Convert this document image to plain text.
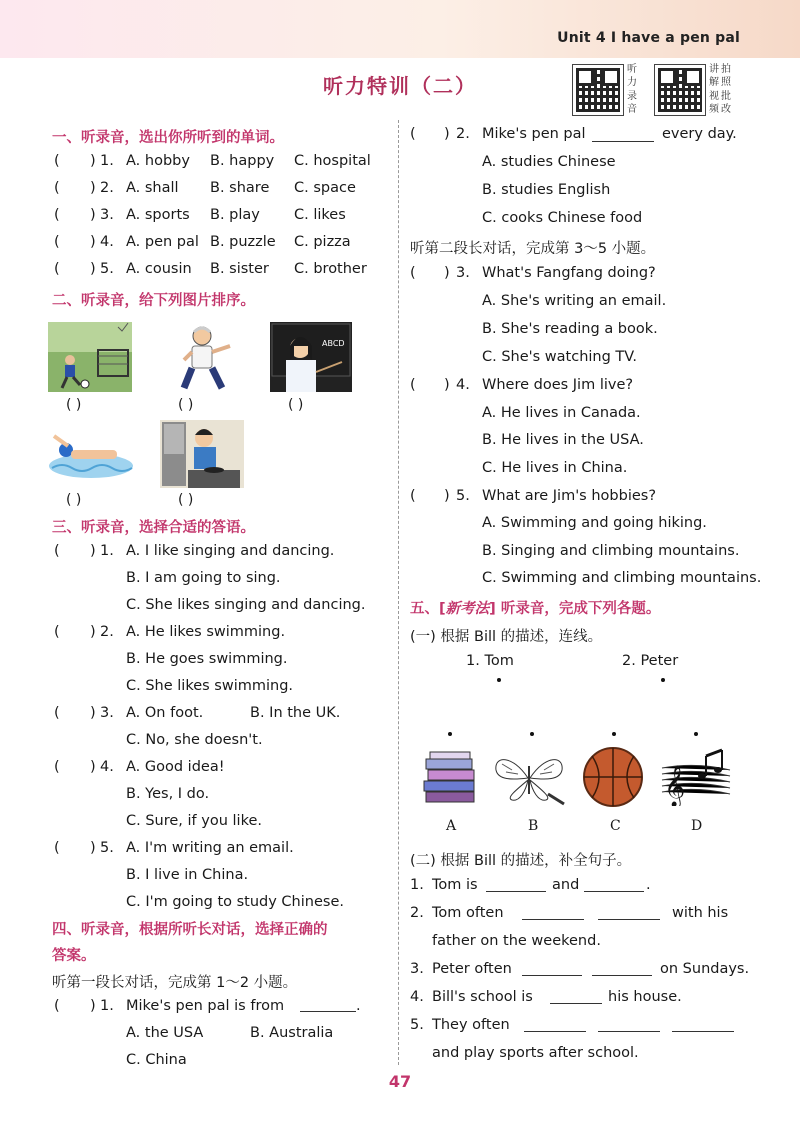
Unit 4 I have a pen pal
听力特训（二）
听
力
录
音
讲 拍
解 照
视 批
频 改
一、听录音，选出你所听到的单词。
( ) 1. A. hobby B. happy C. hospital
( ) 2. A. shall B. share C. space
( ) 3. A. sports B. play C. likes
( ) 4. A. pen pal B. puzzle C. pizza
( ) 5. A. cousin B. sister C. brother
二、听录音，给下列图片排序。
ABCD
( )	( )	( )
( )	( )
三、听录音，选择合适的答语。
( ) 1. A. I like singing and dancing.
B. I am going to sing.
C. She likes singing and dancing.
( ) 2. A. He likes swimming.
B. He goes swimming.
C. She likes swimming.
( ) 3. A. On foot.	B. In the UK.
C. No, she doesn't.
( ) 4. A. Good idea!
B. Yes, I do.
C. Sure, if you like.
( ) 5. A. I'm writing an email.
B. I live in China.
C. I'm going to study Chinese.
四、听录音，根据所听长对话，选择正确的
答案。
听第一段长对话，完成第 1～2 小题。
( ) 1. Mike's pen pal is from	.
A. the USA	B. Australia
C. China
( ) 2. Mike's pen pal	every day.
A. studies Chinese
B. studies English
C. cooks Chinese food
听第二段长对话，完成第 3～5 小题。
( ) 3. What's Fangfang doing?
A. She's writing an email.
B. She's reading a book.
C. She's watching TV.
( ) 4. Where does Jim live?
A. He lives in Canada.
B. He lives in the USA.
C. He lives in China.
( ) 5. What are Jim's hobbies?
A. Swimming and going hiking.
B. Singing and climbing mountains.
C. Swimming and climbing mountains.
五、[新考法] 听录音，完成下列各题。
(一) 根据 Bill 的描述，连线。
1. Tom	2. Peter
𝄞
A	B	C	D
(二) 根据 Bill 的描述，补全句子。
1. Tom is	and	.
2. Tom often	with his
father on the weekend.
3. Peter often	on Sundays.
4. Bill's school is	his house.
5. They often
and play sports after school.
47
